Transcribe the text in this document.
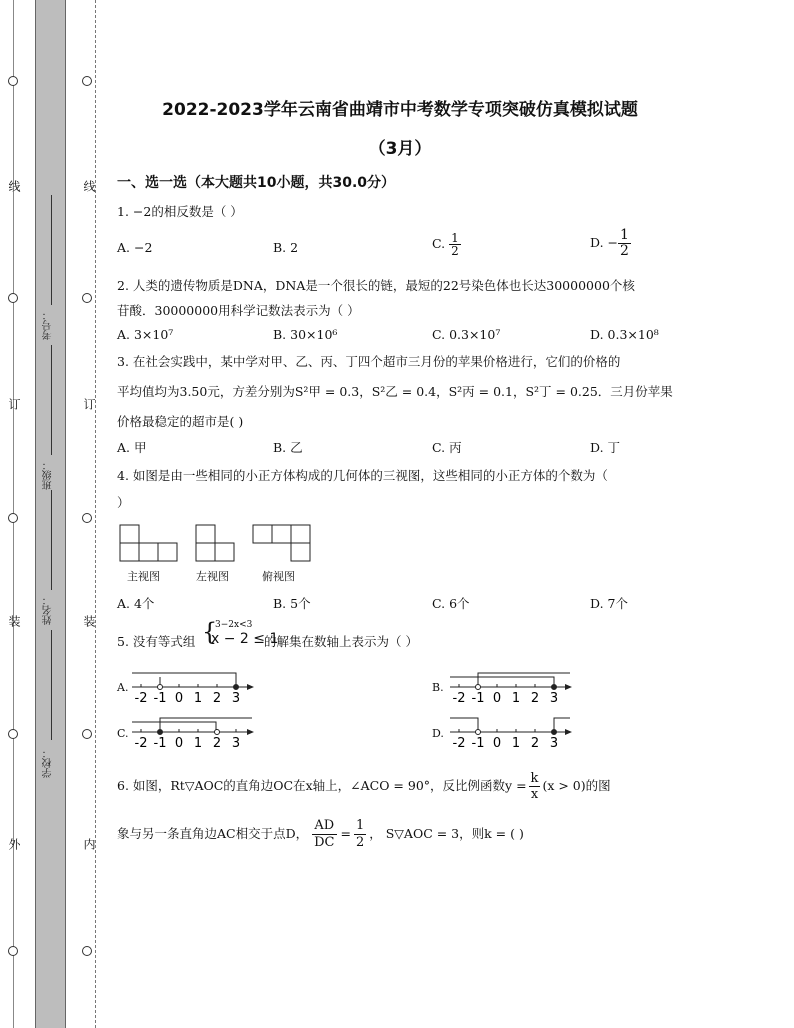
线
订
装
外
线
订
装
内
考号：
班级：
姓名：
学校：
2022-2023学年云南省曲靖市中考数学专项突破仿真模拟试题
（3月）
一、选一选（本大题共10小题，共30.0分）
1. −2的相反数是（ ）
A. −2	B. 2	C. $\frac{1}{2}$	D. − $\frac{1}{2}$
2. 人类的遗传物质是DNA，DNA是一个很长的链，最短的22号染色体也长达30000000个核
苷酸．30000000用科学记数法表示为（ ）
A. 3×10⁷	B. 30×10⁶	C. 0.3×10⁷	D. 0.3×10⁸
3. 在社会实践中，某中学对甲、乙、丙、丁四个超市三月份的苹果价格进行，它们的价格的
平均值均为3.50元，方差分别为S²甲 = 0.3，S²乙 = 0.4，S²丙 = 0.1，S²丁 = 0.25．三月份苹果
价格最稳定的超市是( )
A. 甲	B. 乙	C. 丙	D. 丁
4. 如图是由一些相同的小正方体构成的几何体的三视图，这些相同的小正方体的个数为（
）
主视图	左视图	俯视图
A. 4个	B. 5个	C. 6个	D. 7个
5. 没有等式组 {
3−2x<3
x − 2 ≤ 1
的解集在数轴上表示为（ ）
A.	B.
C.	D.
-2 -1 0 1 2 3	-2 -1 0 1 2 3
-2 -1 0 1 2 3	-2 -1 0 1 2 3
6. 如图，Rt▽AOC的直角边OC在x轴上，∠ACO = 90°，反比例函数$y = \frac{k}{x} (x > 0)$的图
象与另一条直角边AC相交于点D， $\frac{AD}{DC} = \frac{1}{2}$ ， S▽AOC = 3，则k = ( )
